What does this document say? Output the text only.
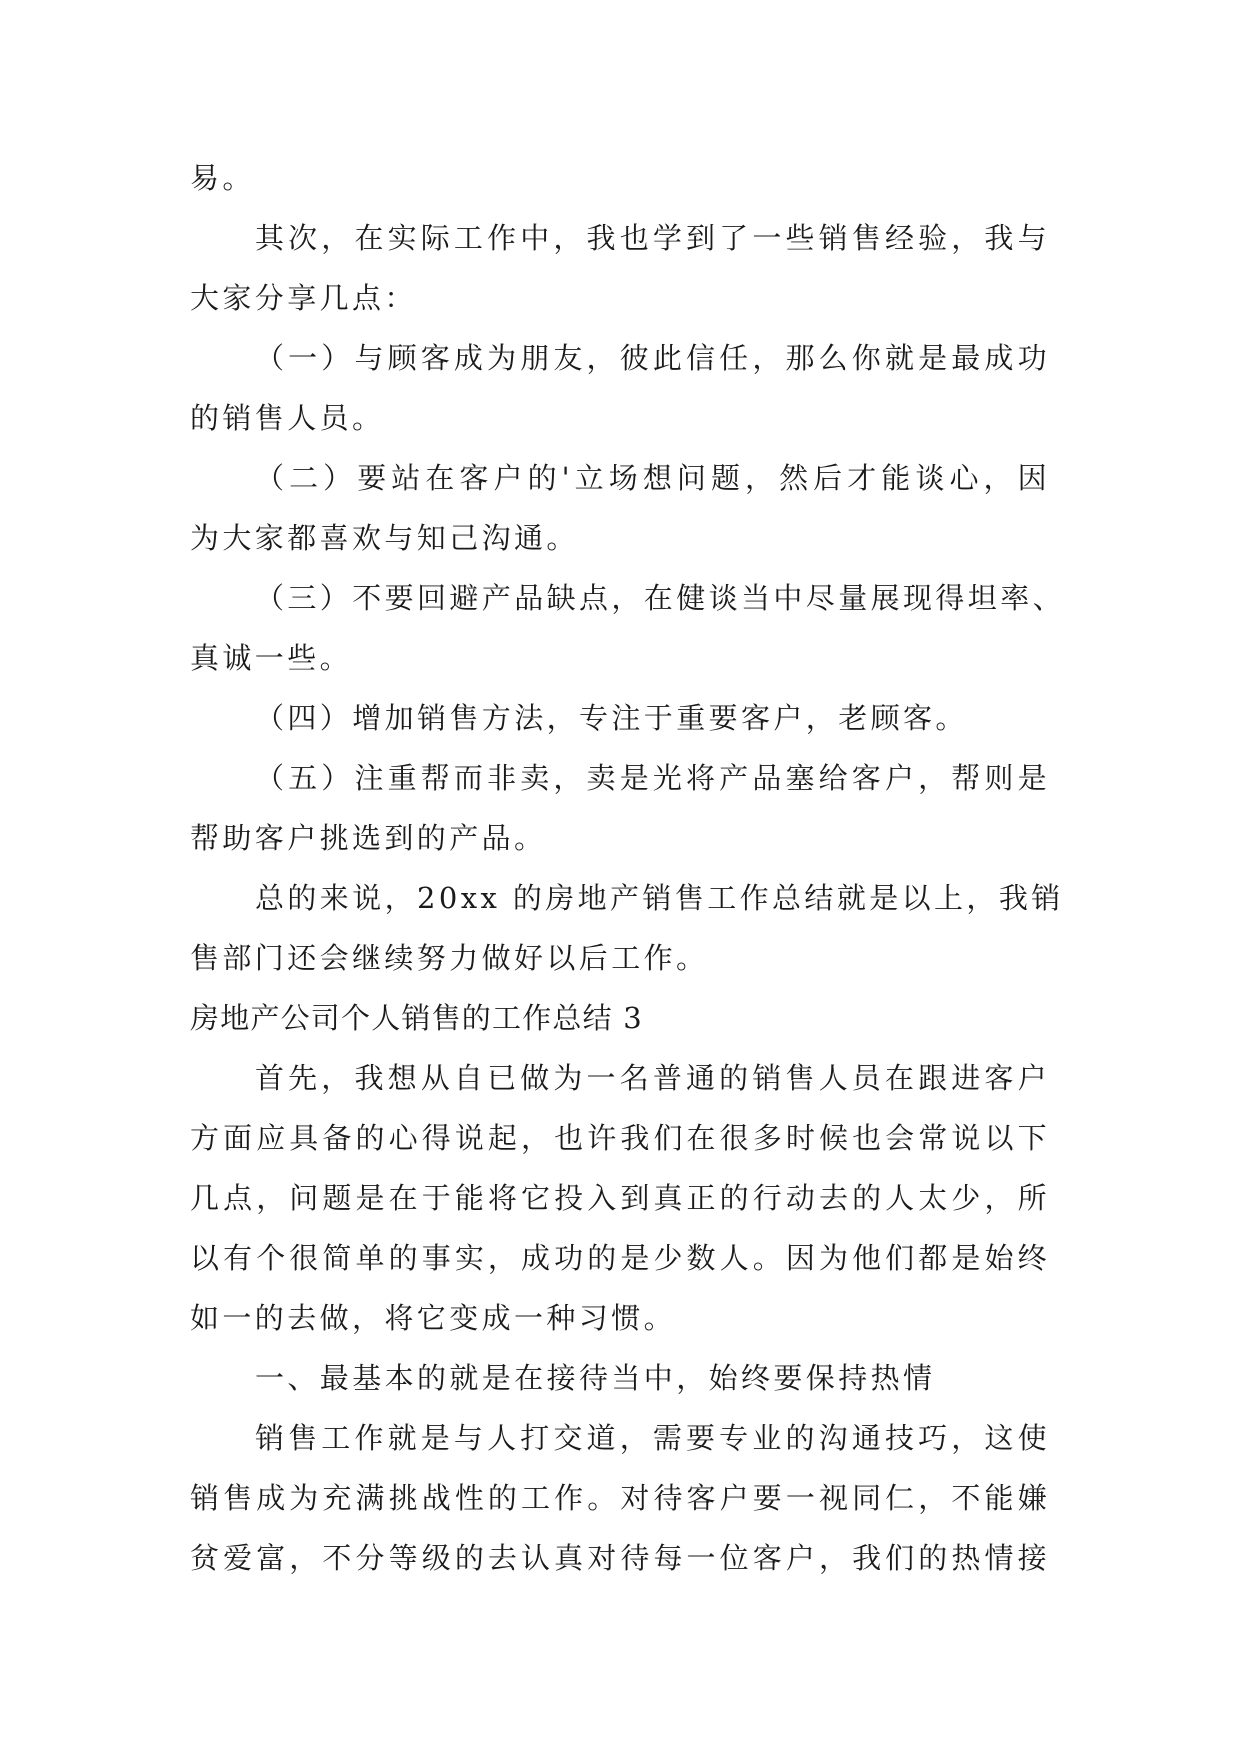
易。

其次，在实际工作中，我也学到了一些销售经验，我与

大家分享几点：

（一）与顾客成为朋友，彼此信任，那么你就是最成功

的销售人员。

（二）要站在客户的'立场想问题，然后才能谈心，因

为大家都喜欢与知己沟通。

（三）不要回避产品缺点，在健谈当中尽量展现得坦率、

真诚一些。

（四）增加销售方法，专注于重要客户，老顾客。

（五）注重帮而非卖，卖是光将产品塞给客户，帮则是

帮助客户挑选到的产品。

总的来说，20xx 的房地产销售工作总结就是以上，我销

售部门还会继续努力做好以后工作。

房地产公司个人销售的工作总结 3

首先，我想从自已做为一名普通的销售人员在跟进客户

方面应具备的心得说起，也许我们在很多时候也会常说以下

几点，问题是在于能将它投入到真正的行动去的人太少，所

以有个很简单的事实，成功的是少数人。因为他们都是始终

如一的去做，将它变成一种习惯。

一、最基本的就是在接待当中，始终要保持热情

销售工作就是与人打交道，需要专业的沟通技巧，这使

销售成为充满挑战性的工作。对待客户要一视同仁，不能嫌

贫爱富，不分等级的去认真对待每一位客户，我们的热情接
